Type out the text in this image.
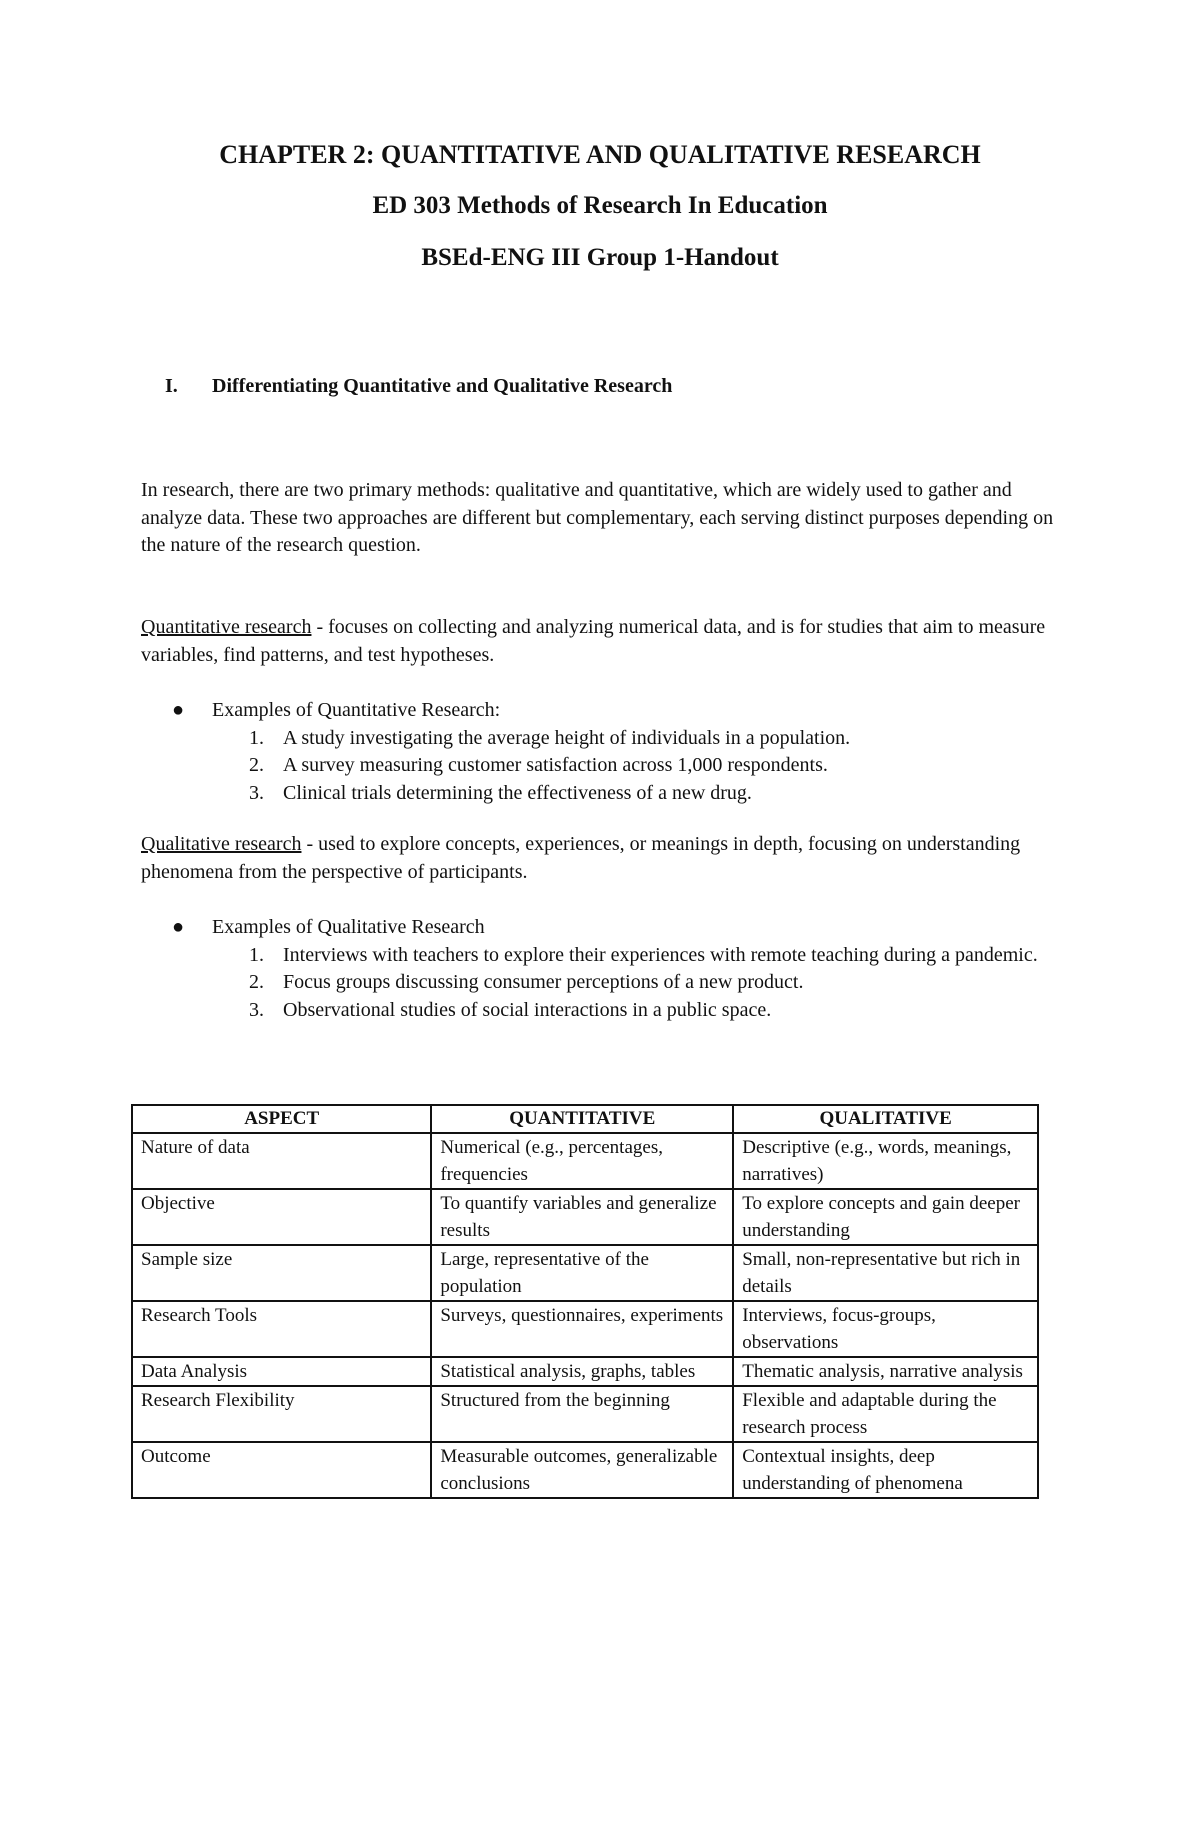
CHAPTER 2: QUANTITATIVE AND QUALITATIVE RESEARCH
ED 303 Methods of Research In Education
BSEd-ENG III Group 1-Handout
I. Differentiating Quantitative and Qualitative Research
In research, there are two primary methods: qualitative and quantitative, which are widely used to gather and analyze data. These two approaches are different but complementary, each serving distinct purposes depending on the nature of the research question.
Quantitative research - focuses on collecting and analyzing numerical data, and is for studies that aim to measure variables, find patterns, and test hypotheses.
● Examples of Quantitative Research:
1. A study investigating the average height of individuals in a population.
2. A survey measuring customer satisfaction across 1,000 respondents.
3. Clinical trials determining the effectiveness of a new drug.
Qualitative research - used to explore concepts, experiences, or meanings in depth, focusing on understanding phenomena from the perspective of participants.
● Examples of Qualitative Research
1. Interviews with teachers to explore their experiences with remote teaching during a pandemic.
2. Focus groups discussing consumer perceptions of a new product.
3. Observational studies of social interactions in a public space.
ASPECT	QUANTITATIVE	QUALITATIVE
Nature of data	Numerical (e.g., percentages, frequencies	Descriptive (e.g., words, meanings, narratives)
Objective	To quantify variables and generalize results	To explore concepts and gain deeper understanding
Sample size	Large, representative of the population	Small, non-representative but rich in details
Research Tools	Surveys, questionnaires, experiments	Interviews, focus-groups, observations
Data Analysis	Statistical analysis, graphs, tables	Thematic analysis, narrative analysis
Research Flexibility	Structured from the beginning	Flexible and adaptable during the research process
Outcome	Measurable outcomes, generalizable conclusions	Contextual insights, deep understanding of phenomena
